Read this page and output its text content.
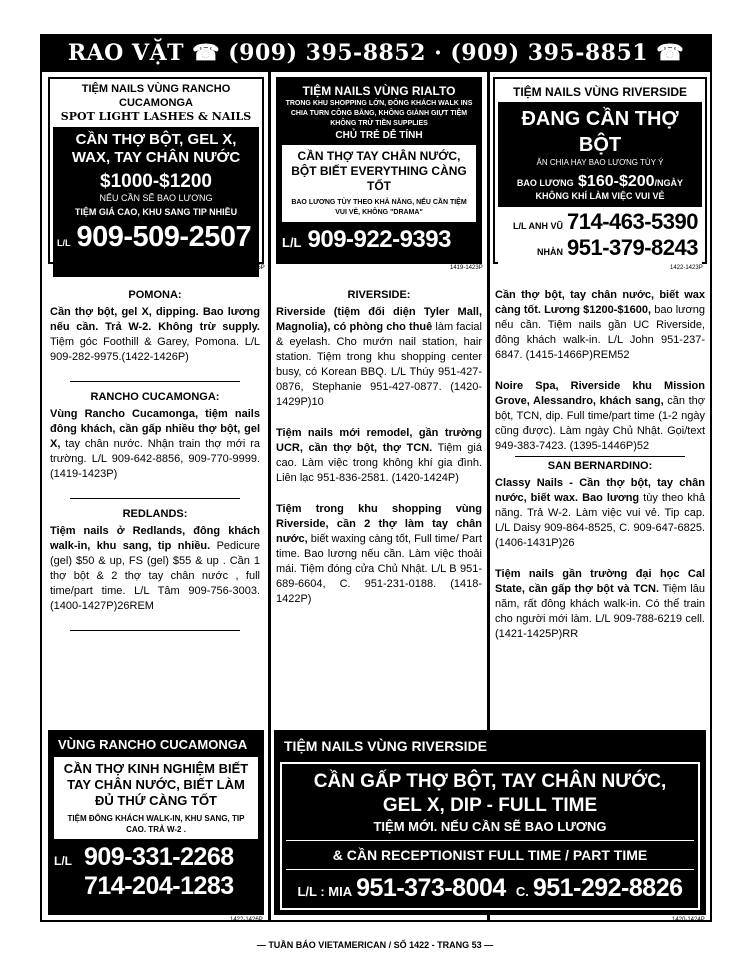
RAO VẶT ☎ (909) 395-8852 · (909) 395-8851 ☎
TIỆM NAILS VÙNG RANCHO CUCAMONGA
SPOT LIGHT LASHES & NAILS
CẦN THỢ BỘT, GEL X, WAX, TAY CHÂN NƯỚC
$1000-$1200
NẾU CẦN SẼ BAO LƯƠNG
TIỆM GIÁ CAO, KHU SANG TIP NHIỀU
L/L 909-509-2507
1421-1425P
TIỆM NAILS VÙNG RIALTO
TRONG KHU SHOPPING LỚN, ĐÔNG KHÁCH WALK INS CHIA TURN CÔNG BẰNG, KHÔNG GIÀNH GIỰT TIỆM KHÔNG TRỪ TIỀN SUPPLIES
CHỦ TRẺ DỄ TÍNH
CẦN THỢ TAY CHÂN NƯỚC, BỘT BIẾT EVERYTHING CÀNG TỐT
BAO LƯƠNG TÙY THEO KHẢ NĂNG, NẾU CẦN TIỆM VUI VẺ, KHÔNG "DRAMA"
L/L 909-922-9393
1419-1423P
TIỆM NAILS VÙNG RIVERSIDE
ĐANG CẦN THỢ BỘT
ĂN CHIA HAY BAO LƯƠNG TÙY Ý
BAO LƯƠNG $160-$200/NGÀY
KHÔNG KHÍ LÀM VIỆC VUI VẺ
L/L ANH VŨ 714-463-5390
NHÀN 951-379-8243
1422-1423P
POMONA:

Cần thợ bột, gel X, dipping. Bao lương nếu cần. Trả W-2. Không trừ supply. Tiệm góc Foothill & Garey, Pomona. L/L 909-282-9975.(1422-1426P)

RANCHO CUCAMONGA:

Vùng Rancho Cucamonga, tiệm nails đông khách, cần gấp nhiều thợ bột, gel X, tay chân nước. Nhận train thợ mới ra trường. L/L 909-642-8856, 909-770-9999. (1419-1423P)

REDLANDS:

Tiệm nails ở Redlands, đông khách walk-in, khu sang, tip nhiều. Pedicure (gel) $50 & up, FS (gel) $55 & up . Cần 1 thợ bột & 2 thợ tay chân nước , full time/part time. L/L Tâm 909-756-3003. (1400-1427P)26REM

RIVERSIDE:

Riverside (tiệm đối diện Tyler Mall, Magnolia), có phòng cho thuê làm facial & eyelash. Cho mướn nail station, hair station. Tiệm trong khu shopping center busy, có Korean BBQ. L/L Thúy 951-427-0876, Stephanie 951-427-0877. (1420-1429P)10

Tiệm nails mới remodel, gần trường UCR, cần thợ bột, thợ TCN. Tiệm giá cao. Làm việc trong không khí gia đình. Liên lạc 951-836-2581. (1420-1424P)

Tiệm trong khu shopping vùng Riverside, cần 2 thợ làm tay chân nước, biết waxing càng tốt, Full time/ Part time. Bao lương nếu cần. Làm việc thoải mái. Tiệm đóng cửa Chủ Nhật. L/L B 951-689-6604, C. 951-231-0188. (1418-1422P)

Cần thợ bột, tay chân nước, biết wax càng tốt. Lương $1200-$1600, bao lương nếu cần. Tiệm nails gần UC Riverside, đông khách walk-in. L/L John 951-237-6847. (1415-1466P)REM52

Noire Spa, Riverside khu Mission Grove, Alessandro, khách sang, cần thợ bột, TCN, dip. Full time/part time (1-2 ngày cũng được). Làm ngày Chủ Nhật. Gọi/text 949-383-7423. (1395-1446P)52

SAN BERNARDINO:

Classy Nails - Cần thợ bột, tay chân nước, biết wax. Bao lương tùy theo khả năng. Trả W-2. Làm việc vui vẻ. Tip cap. L/L Daisy 909-864-8525, C. 909-647-6825. (1406-1431P)26

Tiệm nails gần trường đại học Cal State, cần gấp thợ bột và TCN. Tiệm lâu năm, rất đông khách walk-in. Có thể train cho người mới làm. L/L 909-788-6219 cell. (1421-1425P)RR

VÙNG RANCHO CUCAMONGA
CẦN THỢ KINH NGHIỆM BIẾT TAY CHÂN NƯỚC, BIẾT LÀM ĐỦ THỨ CÀNG TỐT
TIỆM ĐÔNG KHÁCH WALK-IN, KHU SANG, TIP CAO. TRẢ W-2 .
L/L 909-331-2268
714-204-1283
1422-1426P
TIỆM NAILS VÙNG RIVERSIDE
CẦN GẤP THỢ BỘT, TAY CHÂN NƯỚC,
GEL X, DIP - FULL TIME
TIỆM MỚI. NẾU CẦN SẼ BAO LƯƠNG
& CẦN RECEPTIONIST FULL TIME / PART TIME
L/L : MIA 951-373-8004 C. 951-292-8826
1420-1424P
— TUẦN BÁO VIETAMERICAN / SỐ 1422 - TRANG 53 —
